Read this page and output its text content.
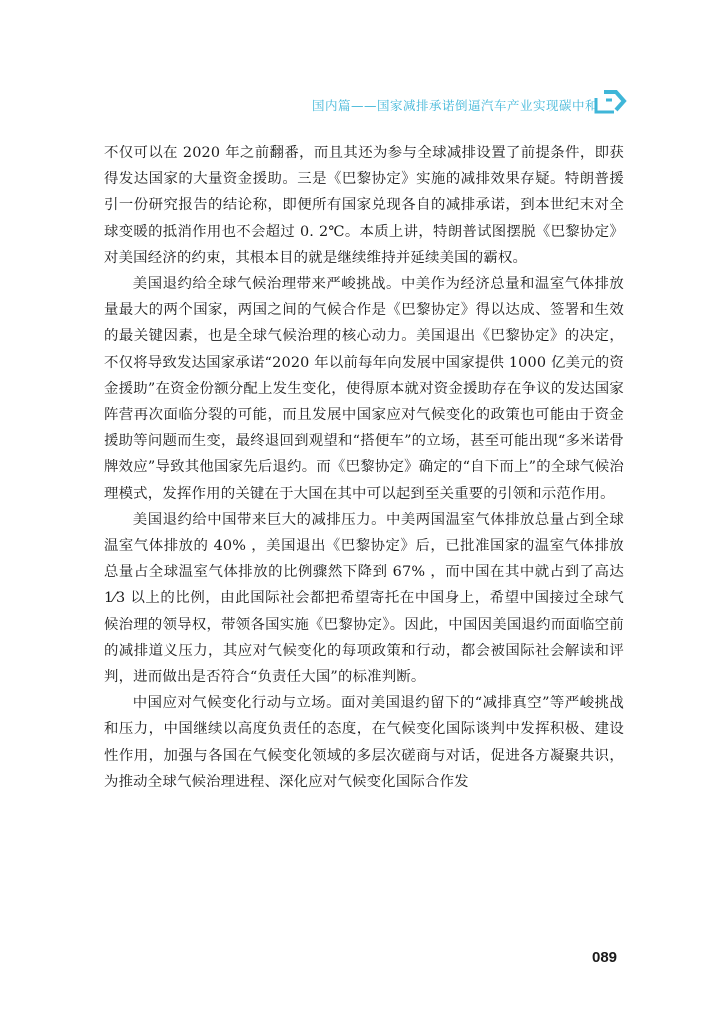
国内篇——国家减排承诺倒逼汽车产业实现碳中和

不仅可以在 2020 年之前翻番，而且其还为参与全球减排设置了前提条件，即获得发达国家的大量资金援助。三是《巴黎协定》实施的减排效果存疑。特朗普援引一份研究报告的结论称，即便所有国家兑现各自的减排承诺，到本世纪末对全球变暖的抵消作用也不会超过 0. 2℃。本质上讲，特朗普试图摆脱《巴黎协定》对美国经济的约束，其根本目的就是继续维持并延续美国的霸权。

美国退约给全球气候治理带来严峻挑战。中美作为经济总量和温室气体排放量最大的两个国家，两国之间的气候合作是《巴黎协定》得以达成、签署和生效的最关键因素，也是全球气候治理的核心动力。美国退出《巴黎协定》的决定，不仅将导致发达国家承诺“2020 年以前每年向发展中国家提供 1000 亿美元的资金援助”在资金份额分配上发生变化，使得原本就对资金援助存在争议的发达国家阵营再次面临分裂的可能，而且发展中国家应对气候变化的政策也可能由于资金援助等问题而生变，最终退回到观望和“搭便车”的立场，甚至可能出现“多米诺骨牌效应”导致其他国家先后退约。而《巴黎协定》确定的“自下而上”的全球气候治理模式，发挥作用的关键在于大国在其中可以起到至关重要的引领和示范作用。

美国退约给中国带来巨大的减排压力。中美两国温室气体排放总量占到全球温室气体排放的 40% ，美国退出《巴黎协定》后，已批准国家的温室气体排放总量占全球温室气体排放的比例骤然下降到 67% ，而中国在其中就占到了高达 1⁄3 以上的比例，由此国际社会都把希望寄托在中国身上，希望中国接过全球气候治理的领导权，带领各国实施《巴黎协定》。因此，中国因美国退约而面临空前的减排道义压力，其应对气候变化的每项政策和行动，都会被国际社会解读和评判，进而做出是否符合“负责任大国”的标准判断。

中国应对气候变化行动与立场。面对美国退约留下的“减排真空”等严峻挑战和压力，中国继续以高度负责任的态度，在气候变化国际谈判中发挥积极、建设性作用，加强与各国在气候变化领域的多层次磋商与对话，促进各方凝聚共识，为推动全球气候治理进程、深化应对气候变化国际合作发

089
